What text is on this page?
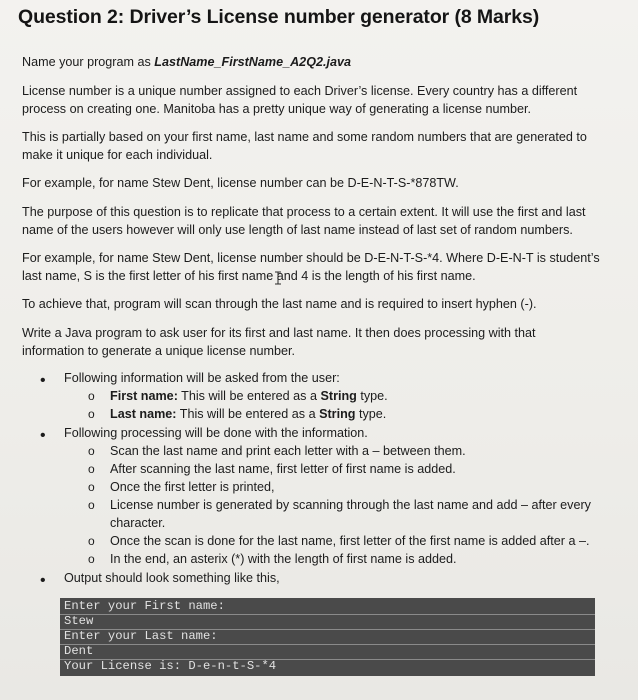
Question 2: Driver’s License number generator (8 Marks)

Name your program as LastName_FirstName_A2Q2.java

License number is a unique number assigned to each Driver’s license. Every country has a different
process on creating one. Manitoba has a pretty unique way of generating a license number.

This is partially based on your first name, last name and some random numbers that are generated to
make it unique for each individual.

For example, for name Stew Dent, license number can be D-E-N-T-S-*878TW.

The purpose of this question is to replicate that process to a certain extent. It will use the first and last
name of the users however will only use length of last name instead of last set of random numbers.

For example, for name Stew Dent, license number should be D-E-N-T-S-*4. Where D-E-N-T is student’s
last name, S is the first letter of his first name and 4 is the length of his first name.

To achieve that, program will scan through the last name and is required to insert hyphen (-).

Write a Java program to ask user for its first and last name. It then does processing with that
information to generate a unique license number.

• Following information will be asked from the user:
o First name: This will be entered as a String type.
o Last name: This will be entered as a String type.
• Following processing will be done with the information.
o Scan the last name and print each letter with a – between them.
o After scanning the last name, first letter of first name is added.
o Once the first letter is printed,
o License number is generated by scanning through the last name and add – after every
character.
o Once the scan is done for the last name, first letter of the first name is added after a –.
o In the end, an asterix (*) with the length of first name is added.
• Output should look something like this,
Enter your First name:
Stew
Enter your Last name:
Dent
Your License is: D-e-n-t-S-*4
